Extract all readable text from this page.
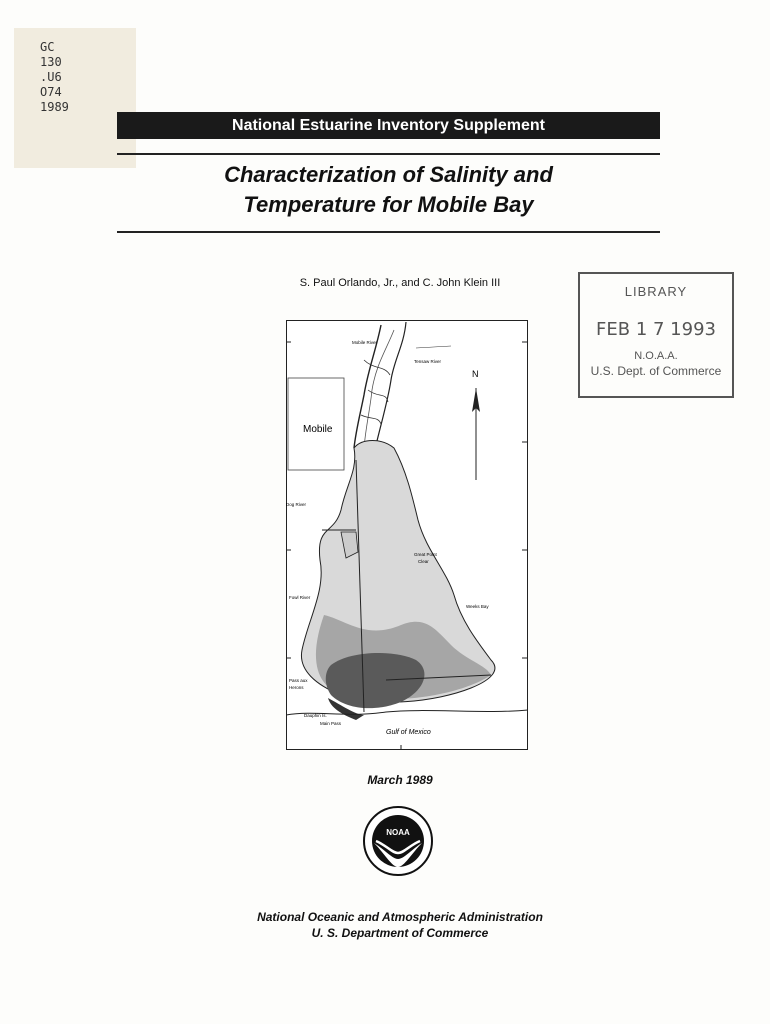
GC
130
.U6
O74
1989
National Estuarine Inventory Supplement
Characterization of Salinity and
Temperature for Mobile Bay
S. Paul Orlando, Jr., and C. John Klein III
LIBRARY
FEB 1 7 1993
N.O.A.A.
U.S. Dept. of Commerce
Mobile River
Tensaw River
N
Mobile
Dog River
Great Point
Clear
Fowl River
Weeks Bay
Pass aux
Herons
Dauphin Is.
Main Pass
Gulf of Mexico
March 1989
NOAA
National Oceanic and Atmospheric Administration
U. S. Department of Commerce
